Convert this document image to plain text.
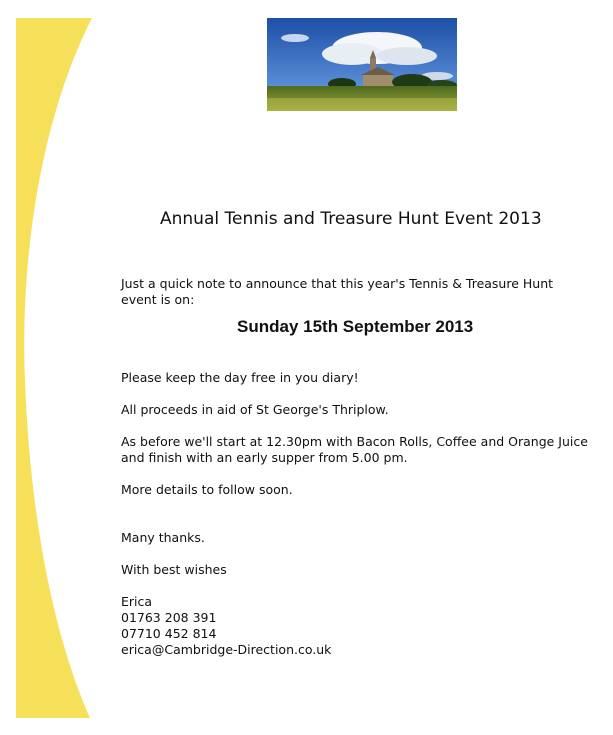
Annual Tennis and Treasure Hunt Event 2013
Just a quick note to announce that this year's Tennis & Treasure Hunt event is on:
Sunday 15th September 2013

Please keep the day free in you diary!

All proceeds in aid of St George's Thriplow.

As before we'll start at 12.30pm with Bacon Rolls, Coffee and Orange Juice and finish with an early supper from 5.00 pm.

More details to follow soon.

Many thanks.

With best wishes

Erica
01763 208 391
07710 452 814
erica@Cambridge-Direction.co.uk
